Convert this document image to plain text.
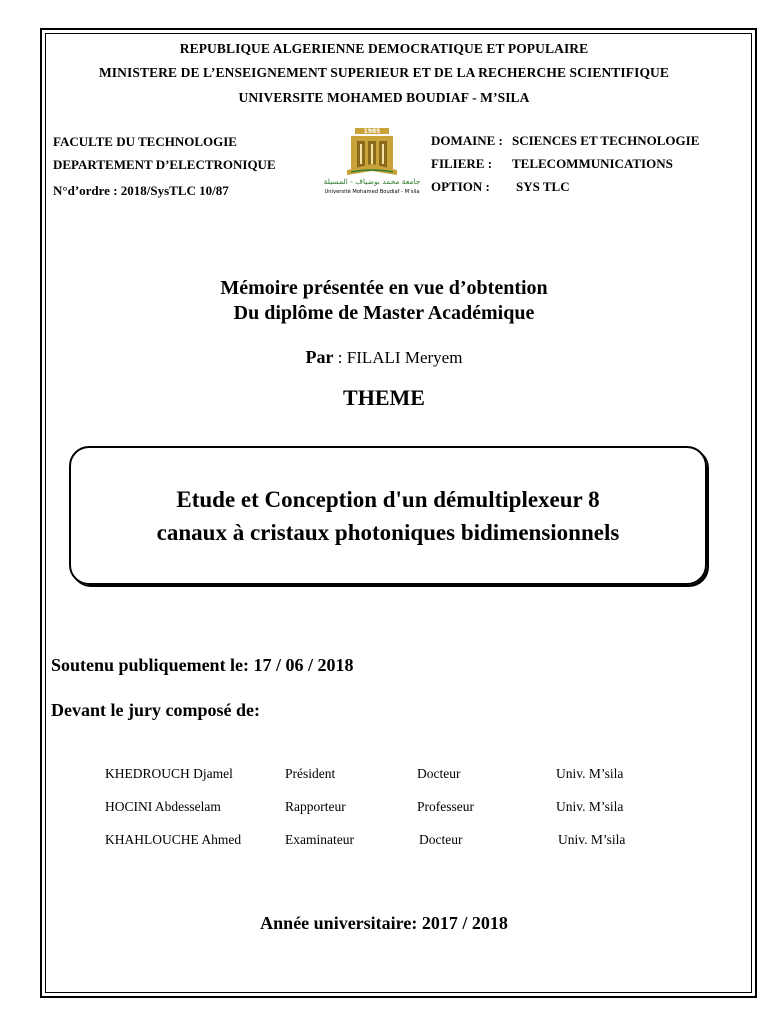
REPUBLIQUE ALGERIENNE DEMOCRATIQUE ET POPULAIRE
MINISTERE DE L’ENSEIGNEMENT SUPERIEUR ET DE LA RECHERCHE SCIENTIFIQUE
UNIVERSITE MOHAMED BOUDIAF - M’SILA
FACULTE DU TECHNOLOGIE
DEPARTEMENT D’ELECTRONIQUE
N°d’ordre : 2018/SysTLC 10/87
1985
جامعة محمد بوضياف - المسيلة
Université Mohamed Boudiaf - M’sila
DOMAINE : SCIENCES ET TECHNOLOGIE
FILIERE : TELECOMMUNICATIONS
OPTION : SYS TLC
Mémoire présentée en vue d’obtention
Du diplôme de Master Académique
Par : FILALI Meryem
THEME
Etude et Conception d'un démultiplexeur 8
canaux à cristaux photoniques bidimensionnels
Soutenu publiquement le: 17 / 06 / 2018
Devant le jury composé de:
KHEDROUCH Djamel	Président	Docteur	Univ. M’sila
HOCINI Abdesselam	Rapporteur	Professeur	Univ. M’sila
KHAHLOUCHE Ahmed	Examinateur	Docteur	Univ. M’sila
Année universitaire: 2017 / 2018
